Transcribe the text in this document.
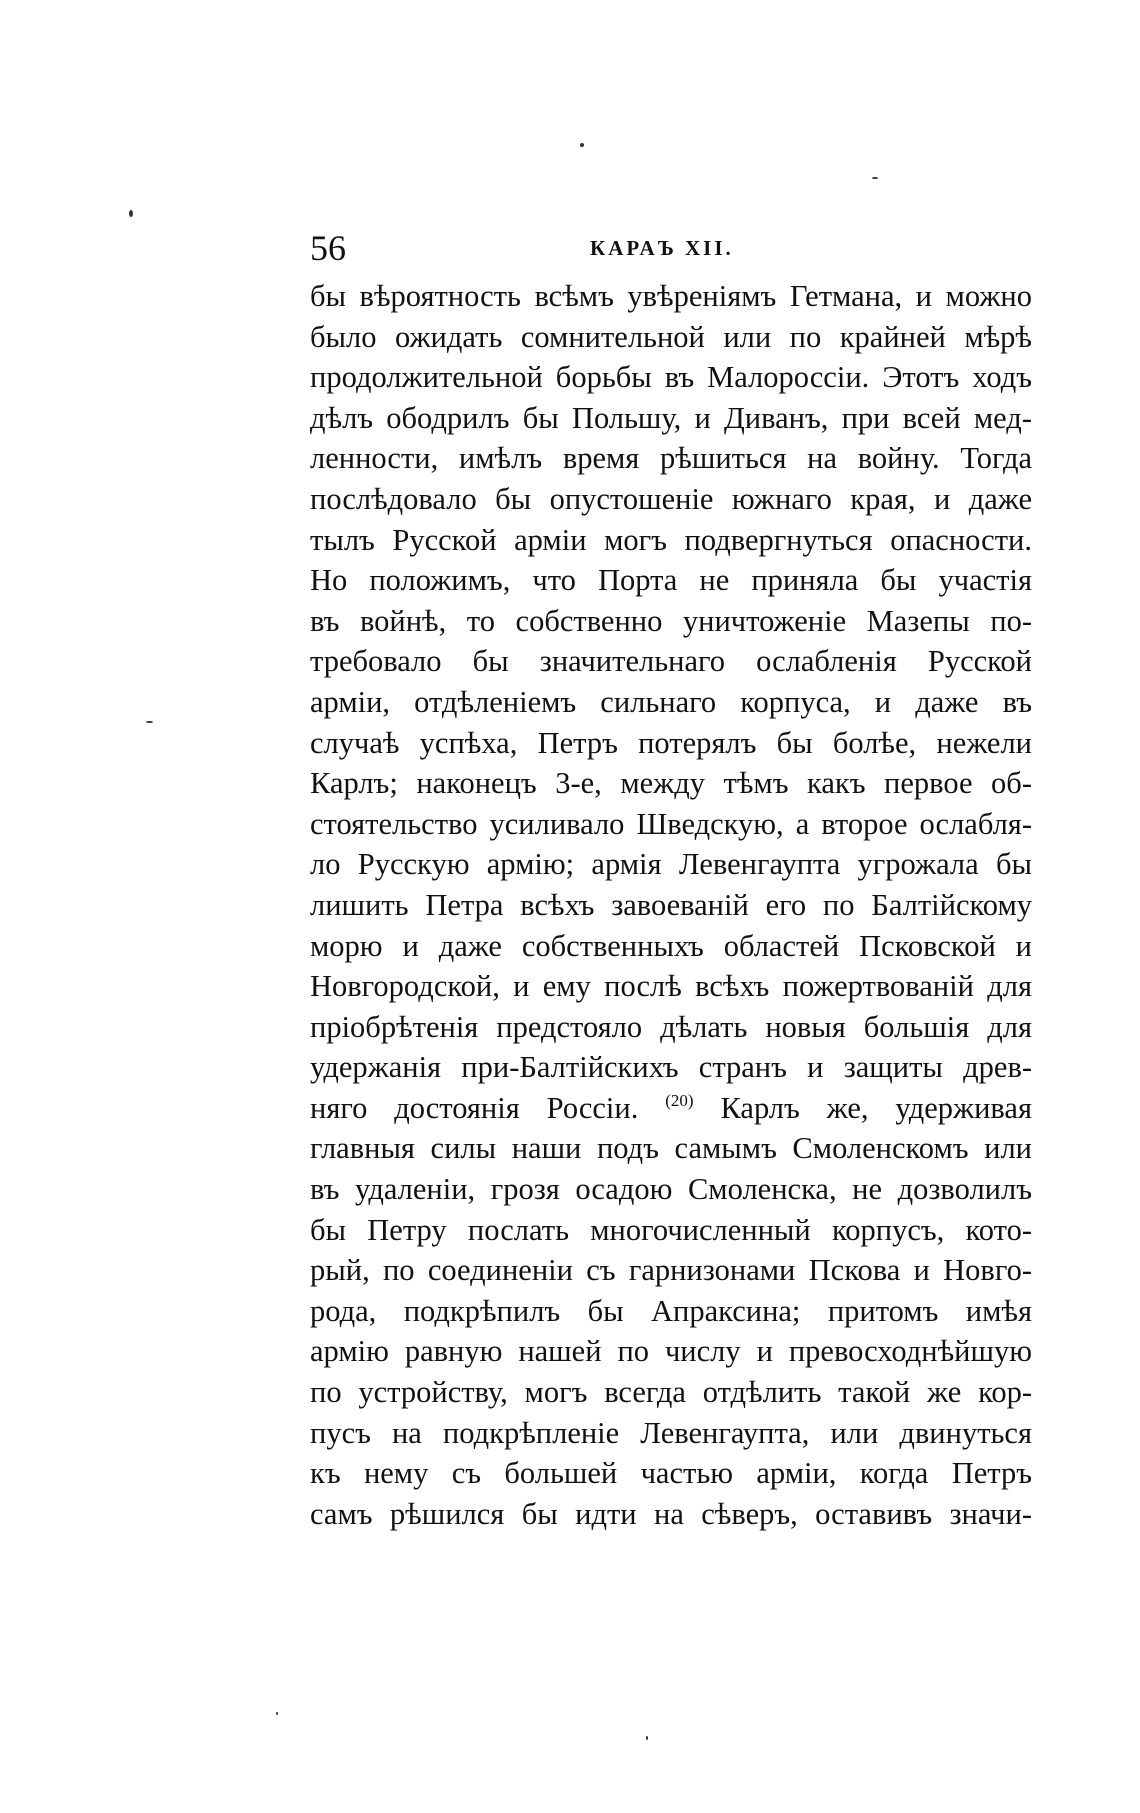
56	КАРАЪ XII.
бы вѣроятность всѣмъ увѣреніямъ Гетмана, и можно
было ожидать сомнительной или по крайней мѣрѣ
продолжительной борьбы въ Малороссіи. Этотъ ходъ
дѣлъ ободрилъ бы Польшу, и Диванъ, при всей мед-
ленности, имѣлъ время рѣшиться на войну. Тогда
послѣдовало бы опустошеніе южнаго края, и даже
тылъ Русской арміи могъ подвергнуться опасности.
Но положимъ, что Порта не приняла бы участія
въ войнѣ, то собственно уничтоженіе Мазепы по-
требовало бы значительнаго ослабленія Русской
арміи, отдѣленіемъ сильнаго корпуса, и даже въ
случаѣ успѣха, Петръ потерялъ бы болѣе, нежели
Карлъ; наконецъ 3-е, между тѣмъ какъ первое об-
стоятельство усиливало Шведскую, а второе ослабля-
ло Русскую армію; армія Левенгаупта угрожала бы
лишить Петра всѣхъ завоеваній его по Балтійскому
морю и даже собственныхъ областей Псковской и
Новгородской, и ему послѣ всѣхъ пожертвованій для
пріобрѣтенія предстояло дѣлать новыя большія для
удержанія при-Балтійскихъ странъ и защиты древ-
няго достоянія Россіи. $^{(20)}$ Карлъ же, удерживая
главныя силы наши подъ самымъ Смоленскомъ или
въ удаленіи, грозя осадою Смоленска, не дозволилъ
бы Петру послать многочисленный корпусъ, кото-
рый, по соединеніи съ гарнизонами Пскова и Новго-
рода, подкрѣпилъ бы Апраксина; притомъ имѣя
армію равную нашей по числу и превосходнѣйшую
по устройству, могъ всегда отдѣлить такой же кор-
пусъ на подкрѣпленіе Левенгаупта, или двинуться
къ нему съ большей частью арміи, когда Петръ
самъ рѣшился бы идти на сѣверъ, оставивъ значи-
